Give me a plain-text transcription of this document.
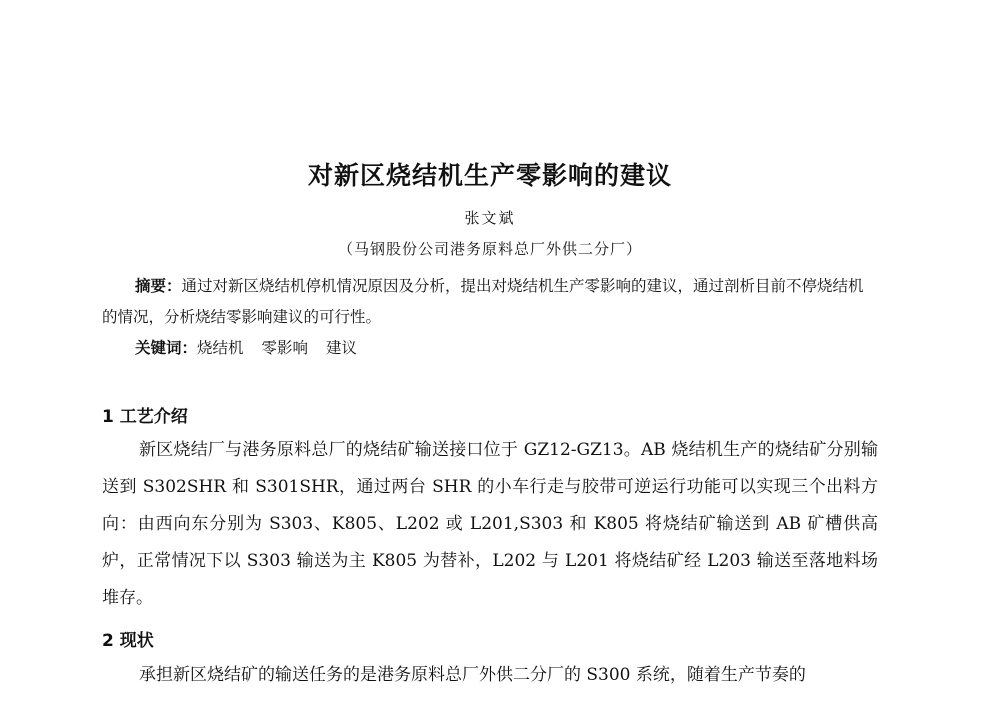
对新区烧结机生产零影响的建议
张文斌
（马钢股份公司港务原料总厂外供二分厂）

摘要：通过对新区烧结机停机情况原因及分析，提出对烧结机生产零影响的建议，通过剖析目前不停烧结机的情况，分析烧结零影响建议的可行性。

关键词：烧结机 零影响 建议
1 工艺介绍

新区烧结厂与港务原料总厂的烧结矿输送接口位于 GZ12-GZ13。AB 烧结机生产的烧结矿分别输送到 S302SHR 和 S301SHR，通过两台 SHR 的小车行走与胶带可逆运行功能可以实现三个出料方向：由西向东分别为 S303、K805、L202 或 L201,S303 和 K805 将烧结矿输送到 AB 矿槽供高炉，正常情况下以 S303 输送为主 K805 为替补，L202 与 L201 将烧结矿经 L203 输送至落地料场堆存。

2 现状

承担新区烧结矿的输送任务的是港务原料总厂外供二分厂的 S300 系统，随着生产节奏的
